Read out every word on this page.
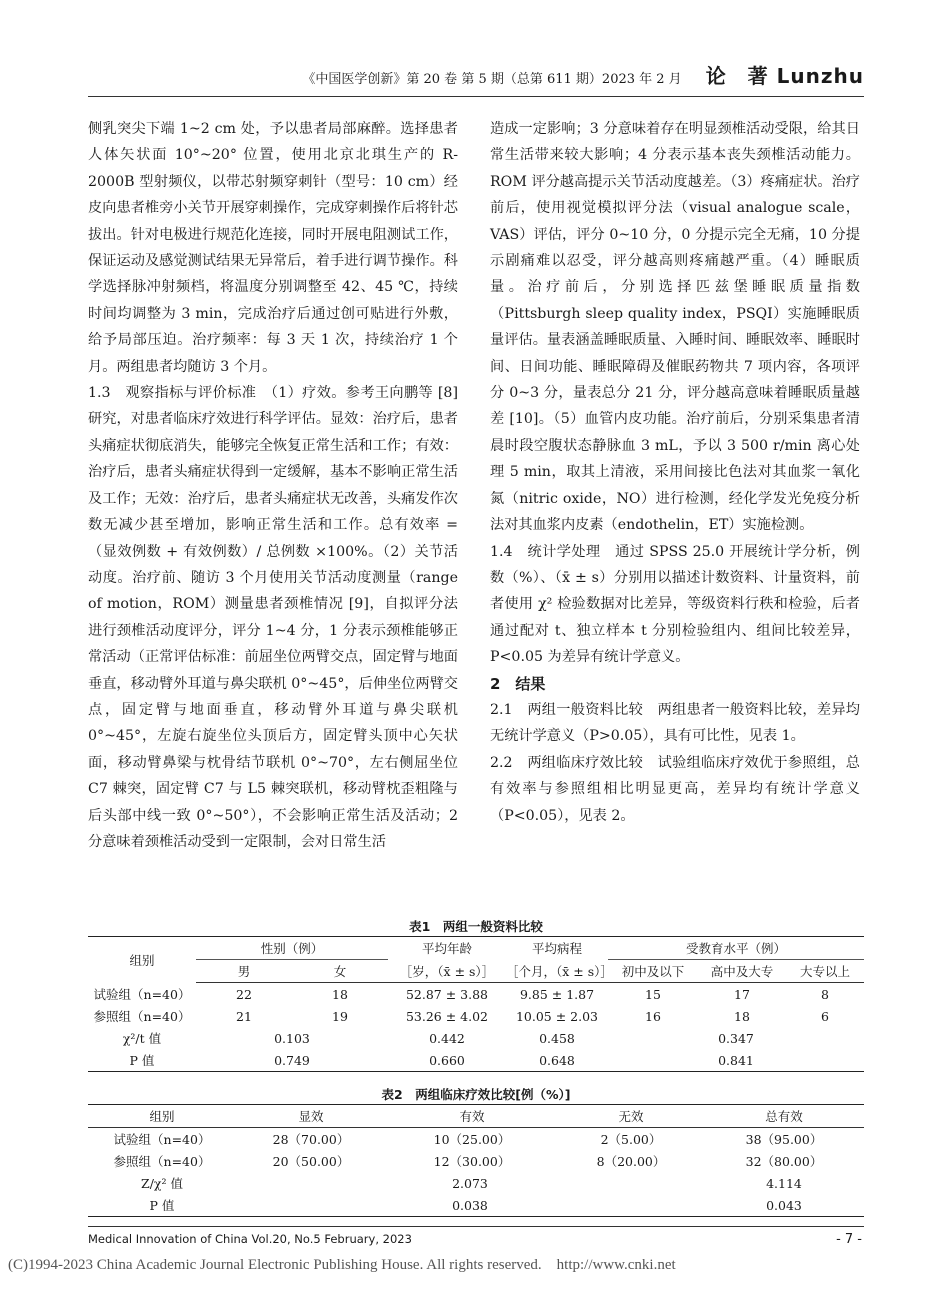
《中国医学创新》第 20 卷 第 5 期（总第 611 期）2023 年 2 月 论　著 Lunzhu

侧乳突尖下端 1~2 cm 处，予以患者局部麻醉。选择患者人体矢状面 10°~20° 位置，使用北京北琪生产的 R-2000B 型射频仪，以带芯射频穿刺针（型号：10 cm）经皮向患者椎旁小关节开展穿刺操作，完成穿刺操作后将针芯拔出。针对电极进行规范化连接，同时开展电阻测试工作，保证运动及感觉测试结果无异常后，着手进行调节操作。科学选择脉冲射频档，将温度分别调整至 42、45 ℃，持续时间均调整为 3 min，完成治疗后通过创可贴进行外敷，给予局部压迫。治疗频率：每 3 天 1 次，持续治疗 1 个月。两组患者均随访 3 个月。

1.3　观察指标与评价标准　（1）疗效。参考王向鹏等 [8] 研究，对患者临床疗效进行科学评估。显效：治疗后，患者头痛症状彻底消失，能够完全恢复正常生活和工作；有效：治疗后，患者头痛症状得到一定缓解，基本不影响正常生活及工作；无效：治疗后，患者头痛症状无改善，头痛发作次数无减少甚至增加，影响正常生活和工作。总有效率 =（显效例数 + 有效例数）/ 总例数 ×100%。（2）关节活动度。治疗前、随访 3 个月使用关节活动度测量（range of motion，ROM）测量患者颈椎情况 [9]，自拟评分法进行颈椎活动度评分，评分 1~4 分，1 分表示颈椎能够正常活动（正常评估标准：前屈坐位两臂交点，固定臂与地面垂直，移动臂外耳道与鼻尖联机 0°~45°，后伸坐位两臂交点，固定臂与地面垂直，移动臂外耳道与鼻尖联机 0°~45°，左旋右旋坐位头顶后方，固定臂头顶中心矢状面，移动臂鼻梁与枕骨结节联机 0°~70°，左右侧屈坐位 C7 棘突，固定臂 C7 与 L5 棘突联机，移动臂枕歪粗隆与后头部中线一致 0°~50°），不会影响正常生活及活动；2 分意味着颈椎活动受到一定限制，会对日常生活

造成一定影响；3 分意味着存在明显颈椎活动受限，给其日常生活带来较大影响；4 分表示基本丧失颈椎活动能力。ROM 评分越高提示关节活动度越差。（3）疼痛症状。治疗前后，使用视觉模拟评分法（visual analogue scale，VAS）评估，评分 0~10 分，0 分提示完全无痛，10 分提示剧痛难以忍受，评分越高则疼痛越严重。（4）睡眠质量。治疗前后，分别选择匹兹堡睡眠质量指数（Pittsburgh sleep quality index，PSQI）实施睡眠质量评估。量表涵盖睡眠质量、入睡时间、睡眠效率、睡眠时间、日间功能、睡眠障碍及催眠药物共 7 项内容，各项评分 0~3 分，量表总分 21 分，评分越高意味着睡眠质量越差 [10]。（5）血管内皮功能。治疗前后，分别采集患者清晨时段空腹状态静脉血 3 mL，予以 3 500 r/min 离心处理 5 min，取其上清液，采用间接比色法对其血浆一氧化氮（nitric oxide，NO）进行检测，经化学发光免疫分析法对其血浆内皮素（endothelin，ET）实施检测。

1.4　统计学处理　通过 SPSS 25.0 开展统计学分析，例数（%）、（x̄ ± s）分别用以描述计数资料、计量资料，前者使用 χ² 检验数据对比差异，等级资料行秩和检验，后者通过配对 t、独立样本 t 分别检验组内、组间比较差异，P<0.05 为差异有统计学意义。

2　结果

2.1　两组一般资料比较　两组患者一般资料比较，差异均无统计学意义（P>0.05），具有可比性，见表 1。

2.2　两组临床疗效比较　试验组临床疗效优于参照组，总有效率与参照组相比明显更高，差异均有统计学意义（P<0.05），见表 2。

表1　两组一般资料比较
组别	性别（例）		平均年龄	平均病程	受教育水平（例）		
	男	女	［岁，（x̄ ± s）］	［个月，（x̄ ± s）］	初中及以下	高中及大专	大专以上
试验组（n=40）	22	18	52.87 ± 3.88	9.85 ± 1.87	15	17	8
参照组（n=40）	21	19	53.26 ± 4.02	10.05 ± 2.03	16	18	6
χ²/t 值	0.103		0.442	0.458	0.347		
P 值	0.749		0.660	0.648	0.841		
表2　两组临床疗效比较[例（%）]
组别	显效	有效	无效	总有效
试验组（n=40）	28（70.00）	10（25.00）	2（5.00）	38（95.00）
参照组（n=40）	20（50.00）	12（30.00）	8（20.00）	32（80.00）
Z/χ² 值	2.073			4.114
P 值	0.038			0.043
Medical Innovation of China Vol.20, No.5 February, 2023	- 7 -
(C)1994-2023 China Academic Journal Electronic Publishing House. All rights reserved.　http://www.cnki.net
